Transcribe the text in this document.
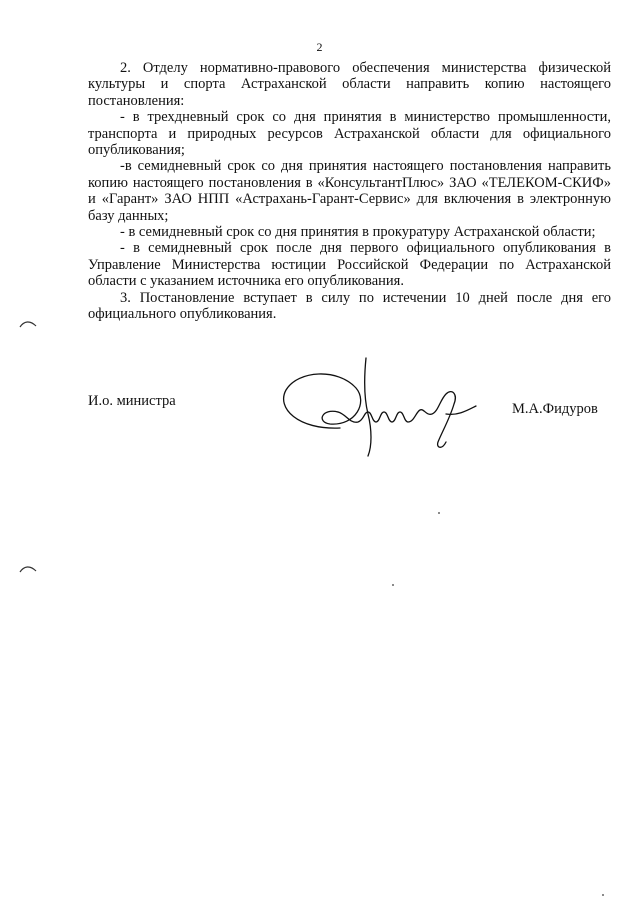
2

2. Отделу нормативно-правового обеспечения министерства физической культуры и спорта Астраханской области направить копию настоящего постановления:

- в трехдневный срок со дня принятия в министерство промышленности, транспорта и природных ресурсов Астраханской области для официального опубликования;

-в семидневный срок со дня принятия настоящего постановления направить копию настоящего постановления в «КонсультантПлюс» ЗАО «ТЕЛЕКОМ-СКИФ» и «Гарант» ЗАО НПП «Астрахань-Гарант-Сервис» для включения в электронную базу данных;

- в семидневный срок со дня принятия в прокуратуру Астраханской области;

- в семидневный срок после дня первого официального опубликования в Управление Министерства юстиции Российской Федерации по Астраханской области с указанием источника его опубликования.

3. Постановление вступает в силу по истечении 10 дней после дня его официального опубликования.

И.о. министра	М.А.Фидуров
